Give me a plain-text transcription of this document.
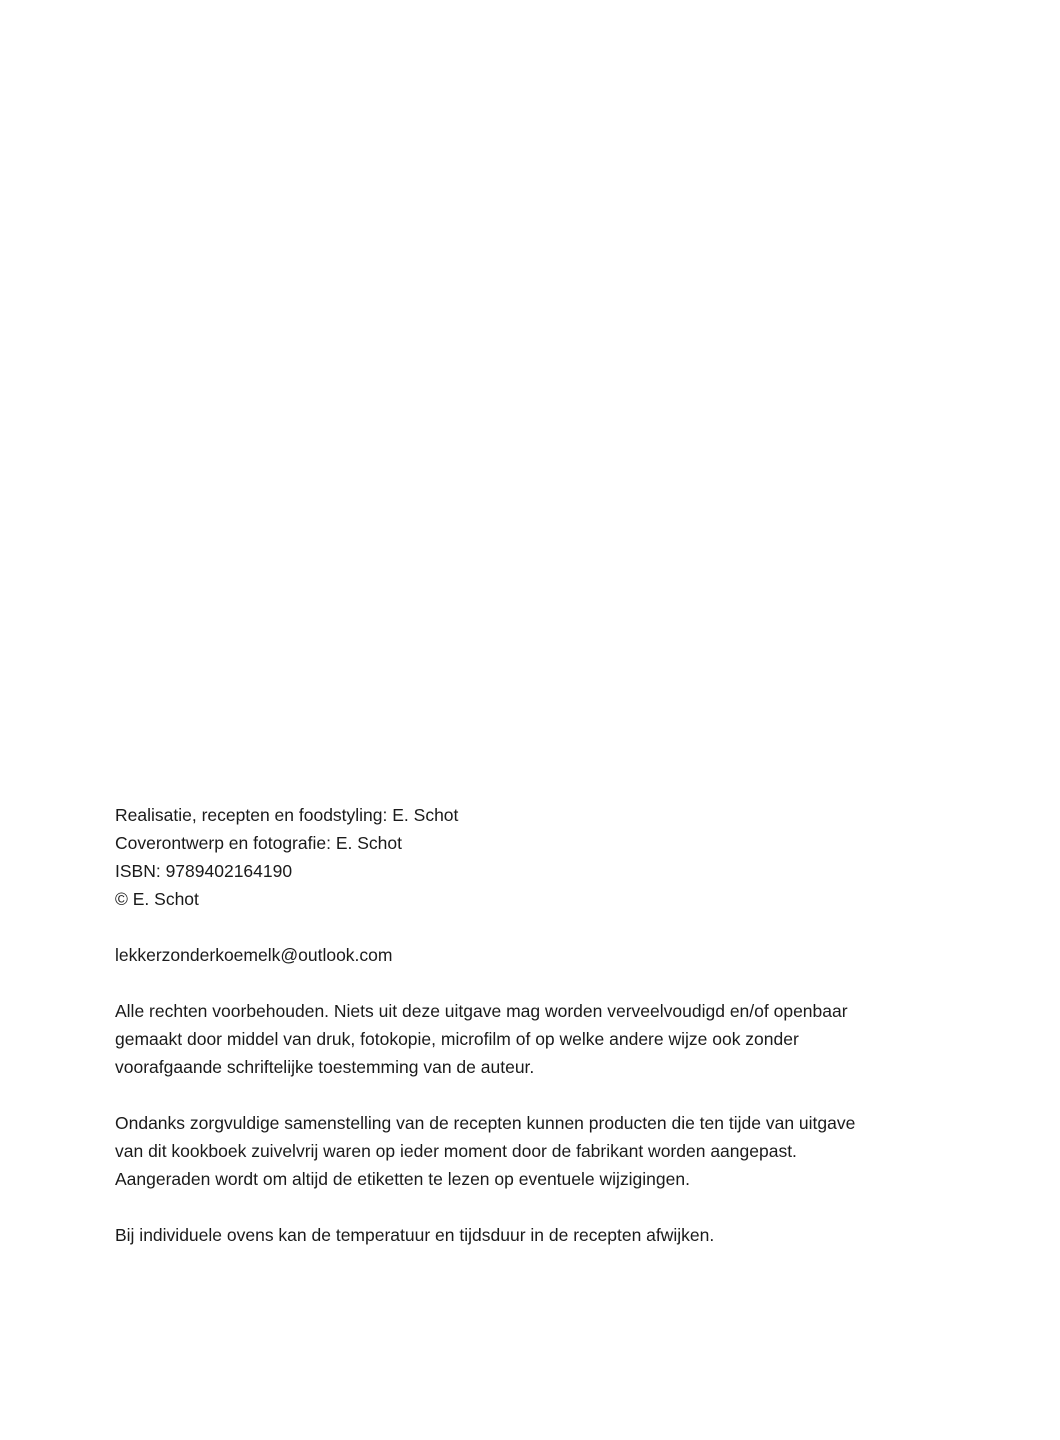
Realisatie, recepten en foodstyling: E. Schot
Coverontwerp en fotografie: E. Schot
ISBN: 9789402164190
© E. Schot
lekkerzonderkoemelk@outlook.com
Alle rechten voorbehouden. Niets uit deze uitgave mag worden verveelvoudigd en/of openbaar
gemaakt door middel van druk, fotokopie, microfilm of op welke andere wijze ook zonder
voorafgaande schriftelijke toestemming van de auteur.
Ondanks zorgvuldige samenstelling van de recepten kunnen producten die ten tijde van uitgave
van dit kookboek zuivelvrij waren op ieder moment door de fabrikant worden aangepast.
Aangeraden wordt om altijd de etiketten te lezen op eventuele wijzigingen.
Bij individuele ovens kan de temperatuur en tijdsduur in de recepten afwijken.
